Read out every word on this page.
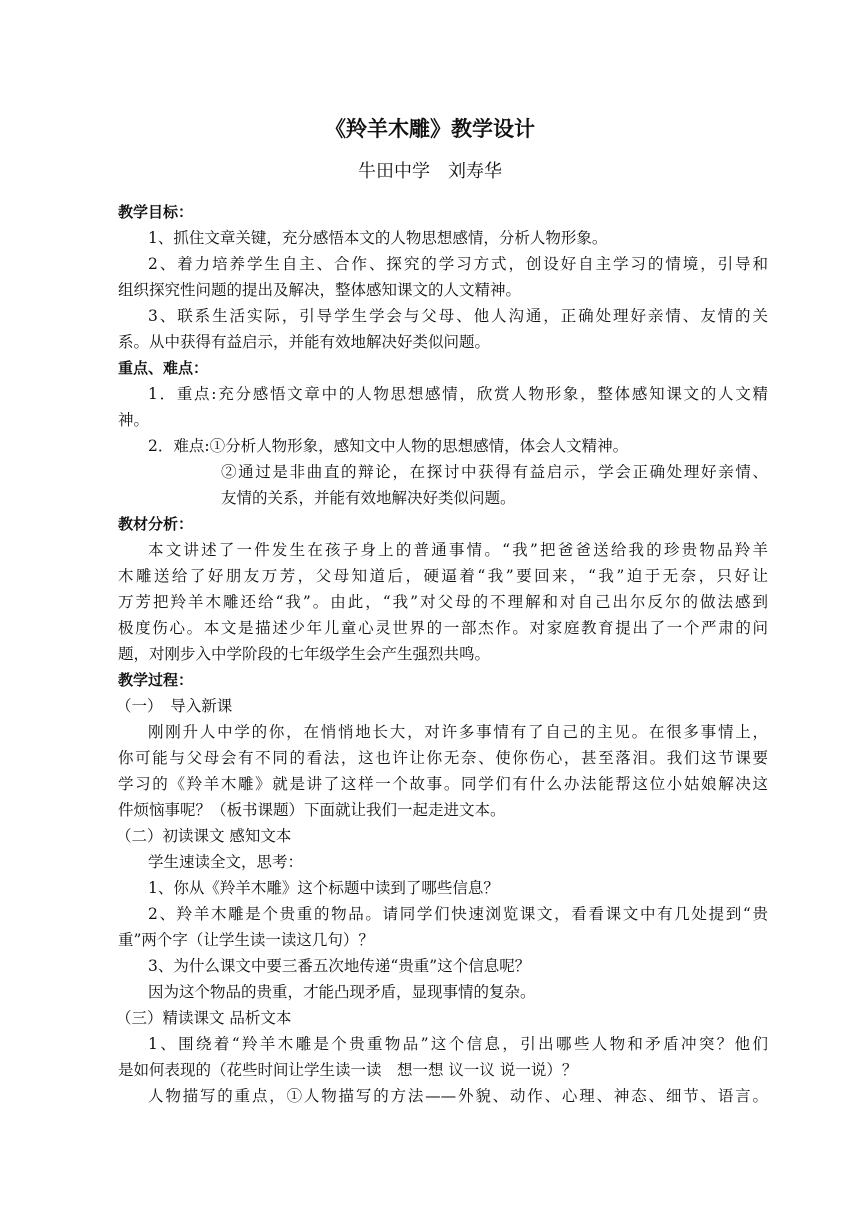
《羚羊木雕》教学设计
牛田中学　刘寿华
教学目标：
1、抓住文章关键，充分感悟本文的人物思想感情，分析人物形象。
2、着力培养学生自主、合作、探究的学习方式，创设好自主学习的情境，引导和
组织探究性问题的提出及解决，整体感知课文的人文精神。
3、联系生活实际，引导学生学会与父母、他人沟通，正确处理好亲情、友情的关
系。从中获得有益启示，并能有效地解决好类似问题。
重点、难点：
1．重点:充分感悟文章中的人物思想感情，欣赏人物形象，整体感知课文的人文精
神。
2．难点:①分析人物形象，感知文中人物的思想感情，体会人文精神。
②通过是非曲直的辩论，在探讨中获得有益启示，学会正确处理好亲情、
友情的关系，并能有效地解决好类似问题。
教材分析：
本文讲述了一件发生在孩子身上的普通事情。“我”把爸爸送给我的珍贵物品羚羊
木雕送给了好朋友万芳，父母知道后，硬逼着“我”要回来，“我”迫于无奈，只好让
万芳把羚羊木雕还给“我”。由此，“我”对父母的不理解和对自己出尔反尔的做法感到
极度伤心。本文是描述少年儿童心灵世界的一部杰作。对家庭教育提出了一个严肃的问
题，对刚步入中学阶段的七年级学生会产生强烈共鸣。
教学过程：
（一）　导入新课
刚刚升人中学的你，在悄悄地长大，对许多事情有了自己的主见。在很多事情上，
你可能与父母会有不同的看法，这也许让你无奈、使你伤心，甚至落泪。我们这节课要
学习的《羚羊木雕》就是讲了这样一个故事。同学们有什么办法能帮这位小姑娘解决这
件烦恼事呢？（板书课题）下面就让我们一起走进文本。
（二）初读课文 感知文本
学生速读全文，思考：
1、你从《羚羊木雕》这个标题中读到了哪些信息？
2、羚羊木雕是个贵重的物品。请同学们快速浏览课文，看看课文中有几处提到“贵
重”两个字（让学生读一读这几句）？
3、为什么课文中要三番五次地传递“贵重”这个信息呢？
因为这个物品的贵重，才能凸现矛盾，显现事情的复杂。
（三）精读课文 品析文本
1、围绕着“羚羊木雕是个贵重物品”这个信息，引出哪些人物和矛盾冲突？他们
是如何表现的（花些时间让学生读一读　想一想 议一议 说一说）？
人物描写的重点，①人物描写的方法——外貌、动作、心理、神态、细节、语言。
